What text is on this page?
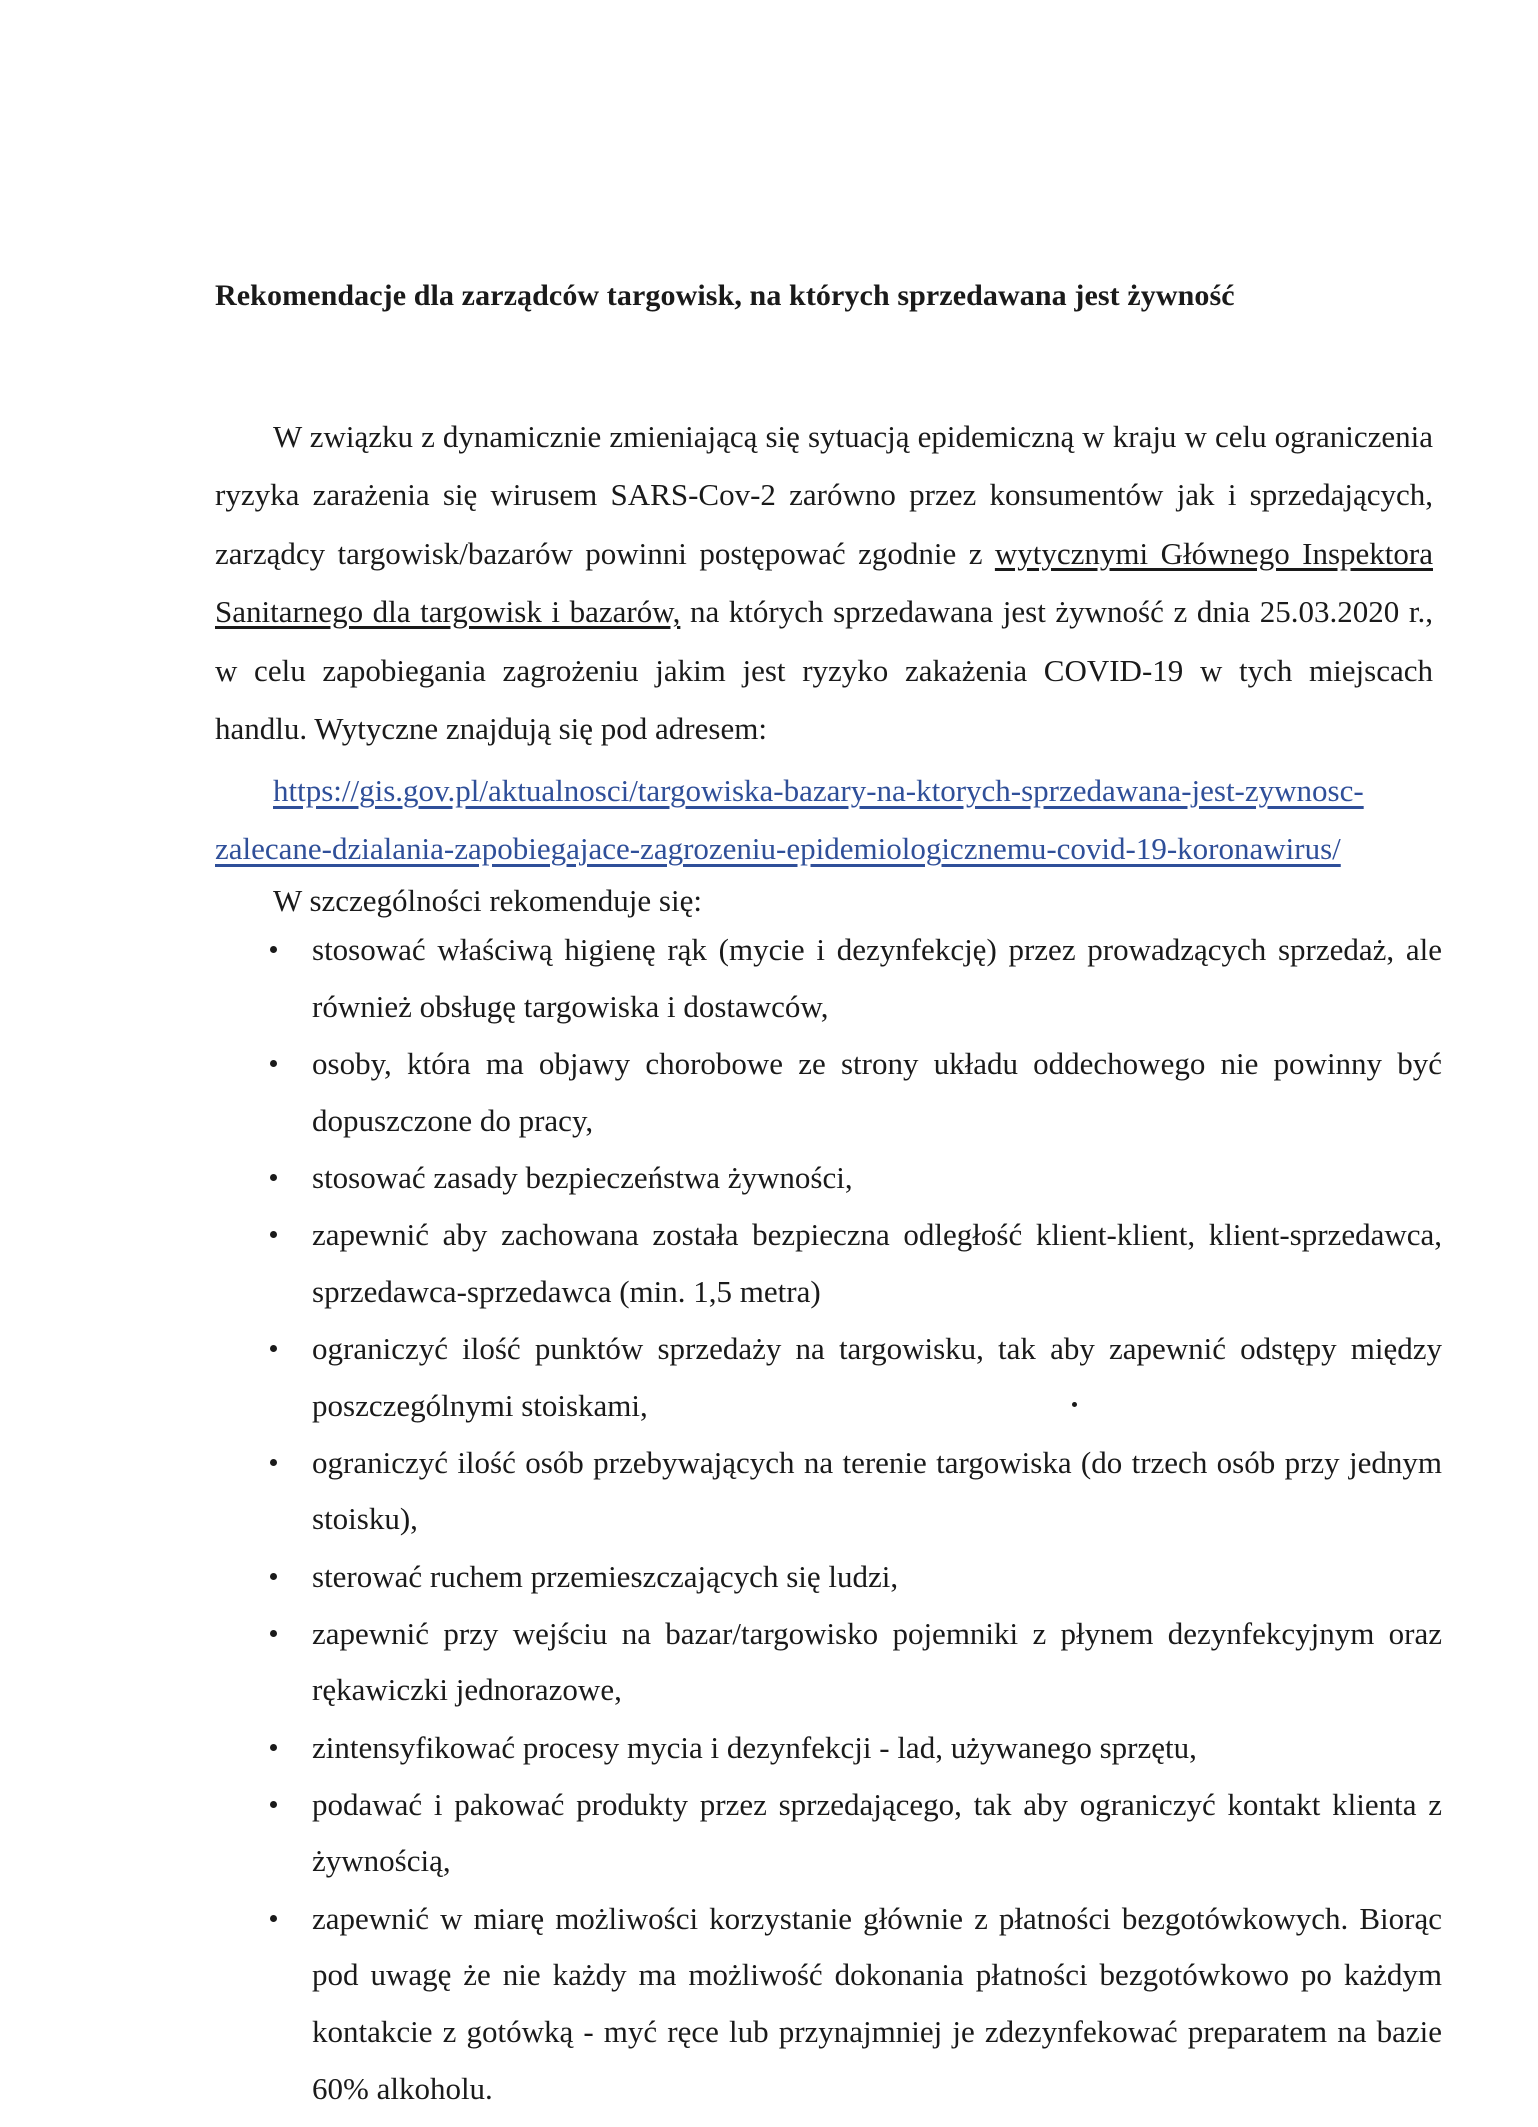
Rekomendacje dla zarządców targowisk, na których sprzedawana jest żywność

W związku z dynamicznie zmieniającą się sytuacją epidemiczną w kraju w celu ograniczenia ryzyka zarażenia się wirusem SARS-Cov-2 zarówno przez konsumentów jak i sprzedających, zarządcy targowisk/bazarów powinni postępować zgodnie z wytycznymi Głównego Inspektora Sanitarnego dla targowisk i bazarów, na których sprzedawana jest żywność z dnia 25.03.2020 r., w celu zapobiegania zagrożeniu jakim jest ryzyko zakażenia COVID-19 w tych miejscach handlu. Wytyczne znajdują się pod adresem:

https://gis.gov.pl/aktualnosci/targowiska-bazary-na-ktorych-sprzedawana-jest-zywnosc-
zalecane-dzialania-zapobiegajace-zagrozeniu-epidemiologicznemu-covid-19-koronawirus/
W szczególności rekomenduje się:
stosować właściwą higienę rąk (mycie i dezynfekcję) przez prowadzących sprzedaż, ale również obsługę targowiska i dostawców,
osoby, która ma objawy chorobowe ze strony układu oddechowego nie powinny być dopuszczone do pracy,
stosować zasady bezpieczeństwa żywności,
zapewnić aby zachowana została bezpieczna odległość klient-klient, klient-sprzedawca, sprzedawca-sprzedawca (min. 1,5 metra)
ograniczyć ilość punktów sprzedaży na targowisku, tak aby zapewnić odstępy między poszczególnymi stoiskami,
ograniczyć ilość osób przebywających na terenie targowiska (do trzech osób przy jednym stoisku),
sterować ruchem przemieszczających się ludzi,
zapewnić przy wejściu na bazar/targowisko pojemniki z płynem dezynfekcyjnym oraz rękawiczki jednorazowe,
zintensyfikować procesy mycia i dezynfekcji - lad, używanego sprzętu,
podawać i pakować produkty przez sprzedającego, tak aby ograniczyć kontakt klienta z żywnością,
zapewnić w miarę możliwości korzystanie głównie z płatności bezgotówkowych. Biorąc pod uwagę że nie każdy ma możliwość dokonania płatności bezgotówkowo po każdym kontakcie z gotówką - myć ręce lub przynajmniej je zdezynfekować preparatem na bazie 60% alkoholu.
